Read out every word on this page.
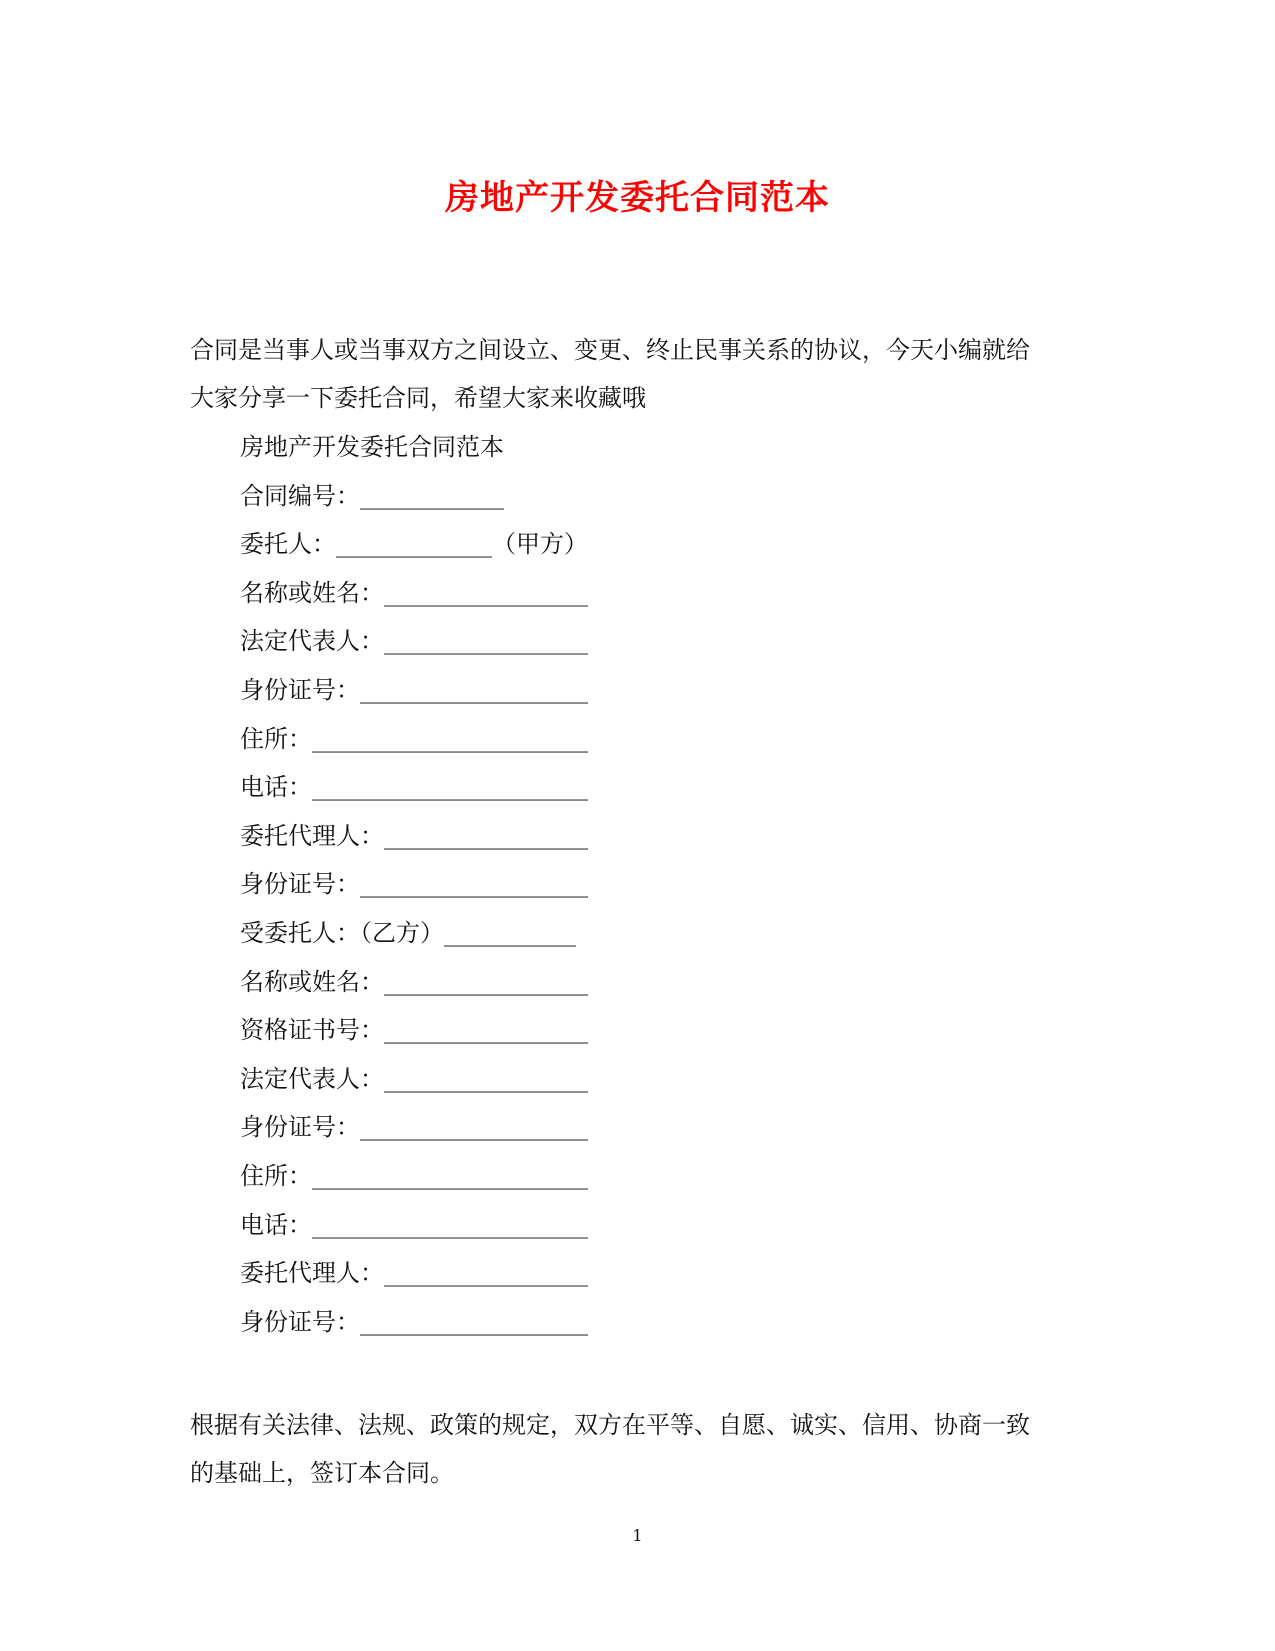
房地产开发委托合同范本
合同是当事人或当事双方之间设立、变更、终止民事关系的协议，今天小编就给
大家分享一下委托合同，希望大家来收藏哦
房地产开发委托合同范本
合同编号：____________
委托人：_____________（甲方）
名称或姓名：_________________
法定代表人：_________________
身份证号：___________________
住所：_______________________
电话：_______________________
委托代理人：_________________
身份证号：___________________
受委托人：（乙方）___________
名称或姓名：_________________
资格证书号：_________________
法定代表人：_________________
身份证号：___________________
住所：_______________________
电话：_______________________
委托代理人：_________________
身份证号：___________________
根据有关法律、法规、政策的规定，双方在平等、自愿、诚实、信用、协商一致
的基础上，签订本合同。
1
